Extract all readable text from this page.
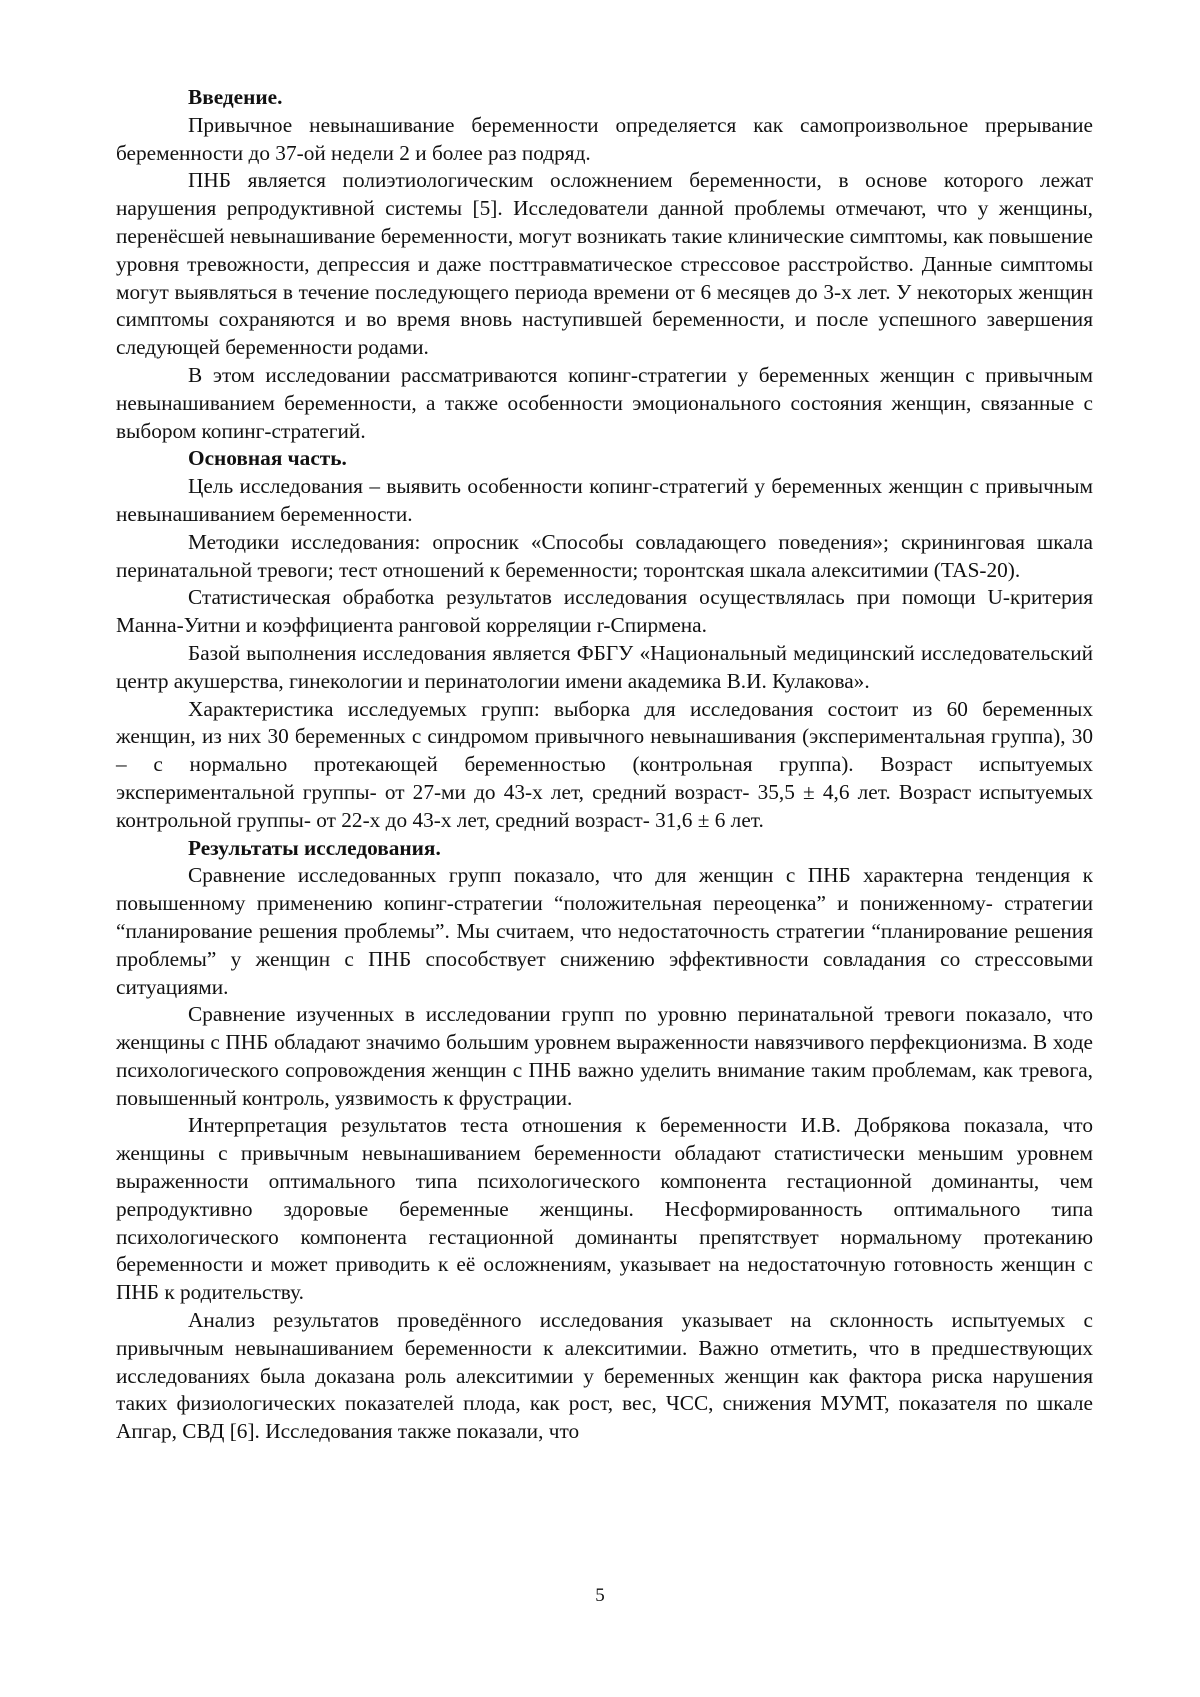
Введение.

Привычное невынашивание беременности определяется как самопроизвольное прерывание беременности до 37-ой недели 2 и более раз подряд.

ПНБ является полиэтиологическим осложнением беременности, в основе которого лежат нарушения репродуктивной системы [5]. Исследователи данной проблемы отмечают, что у женщины, перенёсшей невынашивание беременности, могут возникать такие клинические симптомы, как повышение уровня тревожности, депрессия и даже посттравматическое стрессовое расстройство. Данные симптомы могут выявляться в течение последующего периода времени от 6 месяцев до 3-х лет. У некоторых женщин симптомы сохраняются и во время вновь наступившей беременности, и после успешного завершения следующей беременности родами.

В этом исследовании рассматриваются копинг-стратегии у беременных женщин с привычным невынашиванием беременности, а также особенности эмоционального состояния женщин, связанные с выбором копинг-стратегий.

Основная часть.

Цель исследования – выявить особенности копинг-стратегий у беременных женщин с привычным невынашиванием беременности.

Методики исследования: опросник «Способы совладающего поведения»; скрининговая шкала перинатальной тревоги; тест отношений к беременности; торонтская шкала алекситимии (TAS-20).

Статистическая обработка результатов исследования осуществлялась при помощи U-критерия Манна-Уитни и коэффициента ранговой корреляции r-Спирмена.

Базой выполнения исследования является ФБГУ «Национальный медицинский исследовательский центр акушерства, гинекологии и перинатологии имени академика В.И. Кулакова».

Характеристика исследуемых групп: выборка для исследования состоит из 60 беременных женщин, из них 30 беременных с синдромом привычного невынашивания (экспериментальная группа), 30 – с нормально протекающей беременностью (контрольная группа). Возраст испытуемых экспериментальной группы- от 27-ми до 43-х лет, средний возраст- 35,5 ± 4,6 лет. Возраст испытуемых контрольной группы- от 22-х до 43-х лет, средний возраст- 31,6 ± 6 лет.

Результаты исследования.

Сравнение исследованных групп показало, что для женщин с ПНБ характерна тенденция к повышенному применению копинг-стратегии “положительная переоценка” и пониженному- стратегии “планирование решения проблемы”. Мы считаем, что недостаточность стратегии “планирование решения проблемы” у женщин с ПНБ способствует снижению эффективности совладания со стрессовыми ситуациями.

Сравнение изученных в исследовании групп по уровню перинатальной тревоги показало, что женщины с ПНБ обладают значимо большим уровнем выраженности навязчивого перфекционизма. В ходе психологического сопровождения женщин с ПНБ важно уделить внимание таким проблемам, как тревога, повышенный контроль, уязвимость к фрустрации.

Интерпретация результатов теста отношения к беременности И.В. Добрякова показала, что женщины с привычным невынашиванием беременности обладают статистически меньшим уровнем выраженности оптимального типа психологического компонента гестационной доминанты, чем репродуктивно здоровые беременные женщины. Несформированность оптимального типа психологического компонента гестационной доминанты препятствует нормальному протеканию беременности и может приводить к её осложнениям, указывает на недостаточную готовность женщин с ПНБ к родительству.

Анализ результатов проведённого исследования указывает на склонность испытуемых с привычным невынашиванием беременности к алекситимии. Важно отметить, что в предшествующих исследованиях была доказана роль алекситимии у беременных женщин как фактора риска нарушения таких физиологических показателей плода, как рост, вес, ЧСС, снижения МУМТ, показателя по шкале Апгар, СВД [6]. Исследования также показали, что

5
